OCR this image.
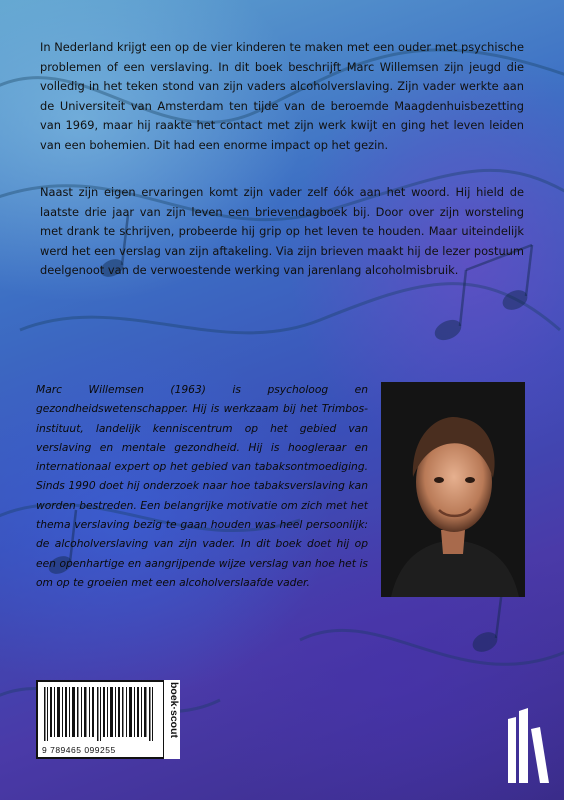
In Nederland krijgt een op de vier kinderen te maken met een ouder met psychische problemen of een verslaving. In dit boek beschrijft Marc Willemsen zijn jeugd die volledig in het teken stond van zijn vaders alcoholverslaving. Zijn vader werkte aan de Universiteit van Amsterdam ten tijde van de beroemde Maagdenhuisbezetting van 1969, maar hij raakte het contact met zijn werk kwijt en ging het leven leiden van een bohemien. Dit had een enorme impact op het gezin.

Naast zijn eigen ervaringen komt zijn vader zelf óók aan het woord. Hij hield de laatste drie jaar van zijn leven een brievendagboek bij. Door over zijn worsteling met drank te schrijven, probeerde hij grip op het leven te houden. Maar uiteindelijk werd het een verslag van zijn aftakeling. Via zijn brieven maakt hij de lezer postuum deelgenoot van de verwoestende werking van jarenlang alcoholmisbruik.

Marc Willemsen (1963) is psycholoog en gezondheidswetenschapper. Hij is werkzaam bij het Trimbos-instituut, landelijk kenniscentrum op het gebied van verslaving en mentale gezondheid. Hij is hoogleraar en internationaal expert op het gebied van tabaksontmoediging. Sinds 1990 doet hij onderzoek naar hoe tabaksverslaving kan worden bestreden. Een belangrijke motivatie om zich met het thema verslaving bezig te gaan houden was heel persoonlijk: de alcoholverslaving van zijn vader. In dit boek doet hij op een openhartige en aangrijpende wijze verslag van hoe het is om op te groeien met een alcoholverslaafde vader.

9 789465 099255
boek·scout
